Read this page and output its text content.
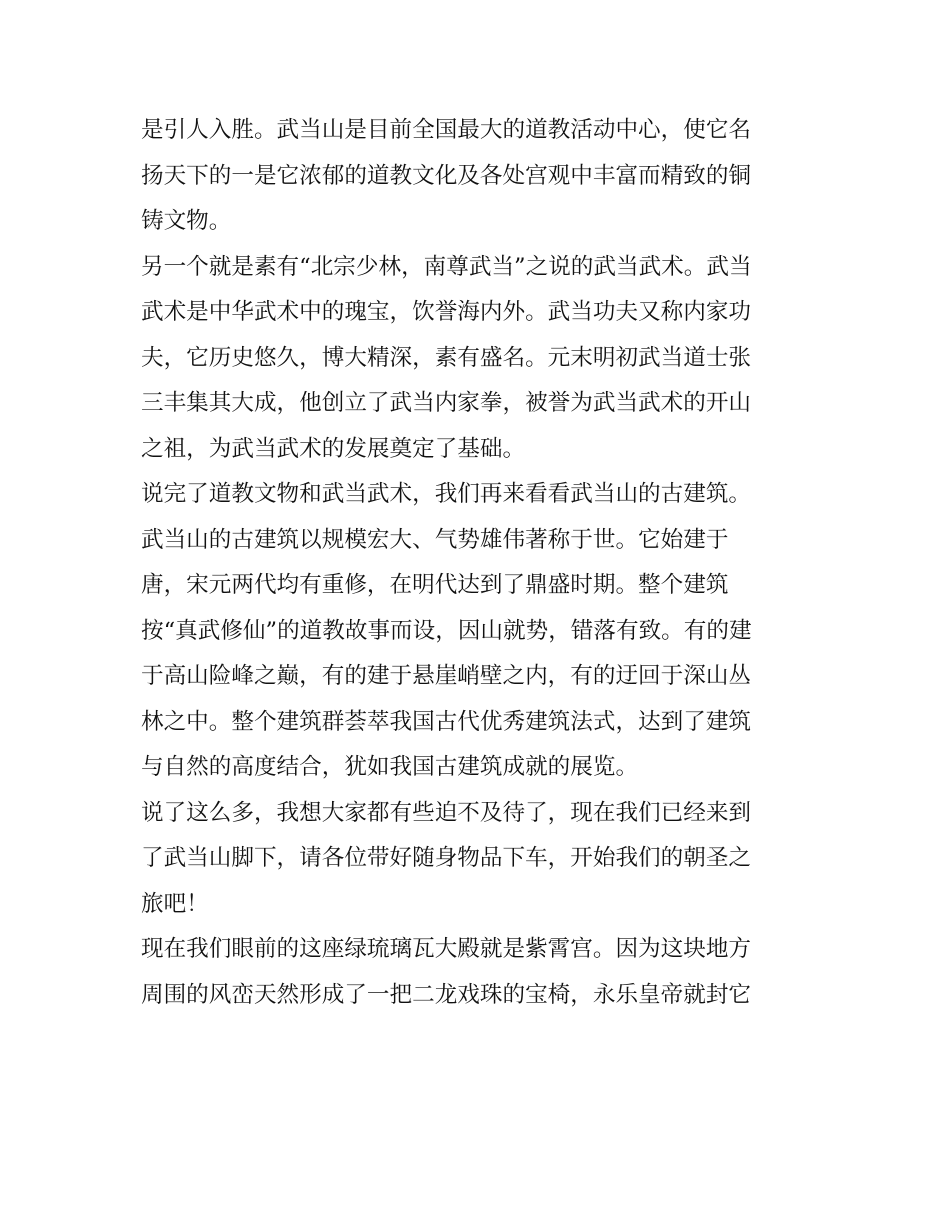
是引人入胜。武当山是目前全国最大的道教活动中心，使它名
扬天下的一是它浓郁的道教文化及各处宫观中丰富而精致的铜
铸文物。
另一个就是素有“北宗少林，南尊武当”之说的武当武术。武当
武术是中华武术中的瑰宝，饮誉海内外。武当功夫又称内家功
夫，它历史悠久，博大精深，素有盛名。元末明初武当道士张
三丰集其大成，他创立了武当内家拳，被誉为武当武术的开山
之祖，为武当武术的发展奠定了基础。
说完了道教文物和武当武术，我们再来看看武当山的古建筑。
武当山的古建筑以规模宏大、气势雄伟著称于世。它始建于
唐，宋元两代均有重修，在明代达到了鼎盛时期。整个建筑
按“真武修仙”的道教故事而设，因山就势，错落有致。有的建
于高山险峰之巅，有的建于悬崖峭壁之内，有的迂回于深山丛
林之中。整个建筑群荟萃我国古代优秀建筑法式，达到了建筑
与自然的高度结合，犹如我国古建筑成就的展览。
说了这么多，我想大家都有些迫不及待了，现在我们已经来到
了武当山脚下，请各位带好随身物品下车，开始我们的朝圣之
旅吧！
现在我们眼前的这座绿琉璃瓦大殿就是紫霄宫。因为这块地方
周围的风峦天然形成了一把二龙戏珠的宝椅，永乐皇帝就封它
